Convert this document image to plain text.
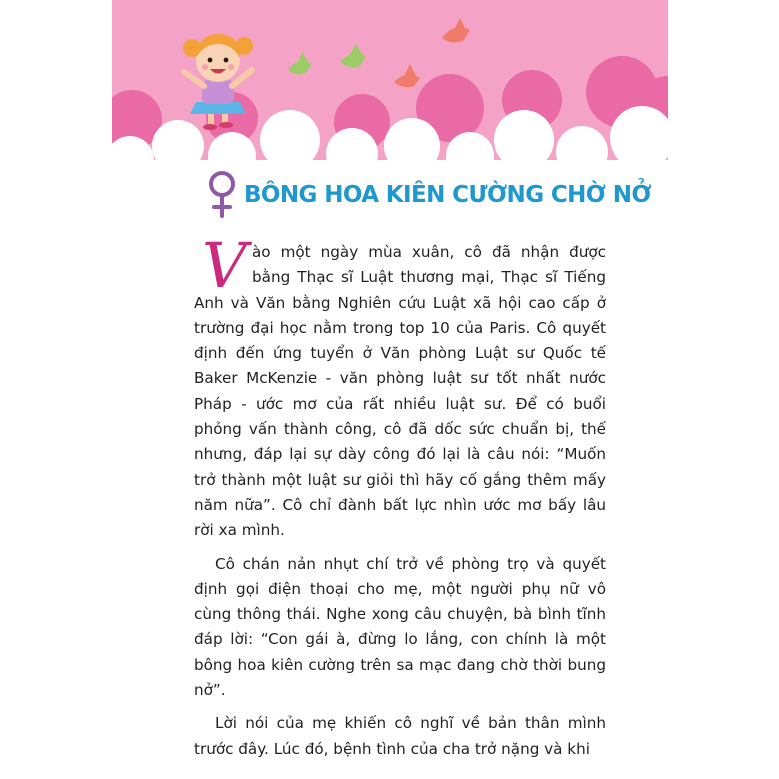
BÔNG HOA KIÊN CƯỜNG CHỜ NỞ

Vào một ngày mùa xuân, cô đã nhận được bằng Thạc sĩ Luật thương mại, Thạc sĩ Tiếng Anh và Văn bằng Nghiên cứu Luật xã hội cao cấp ở trường đại học nằm trong top 10 của Paris. Cô quyết định đến ứng tuyển ở Văn phòng Luật sư Quốc tế Baker McKenzie - văn phòng luật sư tốt nhất nước Pháp - ước mơ của rất nhiều luật sư. Để có buổi phỏng vấn thành công, cô đã dốc sức chuẩn bị, thế nhưng, đáp lại sự dày công đó lại là câu nói: “Muốn trở thành một luật sư giỏi thì hãy cố gắng thêm mấy năm nữa”. Cô chỉ đành bất lực nhìn ước mơ bấy lâu rời xa mình.

Cô chán nản nhụt chí trở về phòng trọ và quyết định gọi điện thoại cho mẹ, một người phụ nữ vô cùng thông thái. Nghe xong câu chuyện, bà bình tĩnh đáp lời: “Con gái à, đừng lo lắng, con chính là một bông hoa kiên cường trên sa mạc đang chờ thời bung nở”.

Lời nói của mẹ khiến cô nghĩ về bản thân mình trước đây. Lúc đó, bệnh tình của cha trở nặng và khi
